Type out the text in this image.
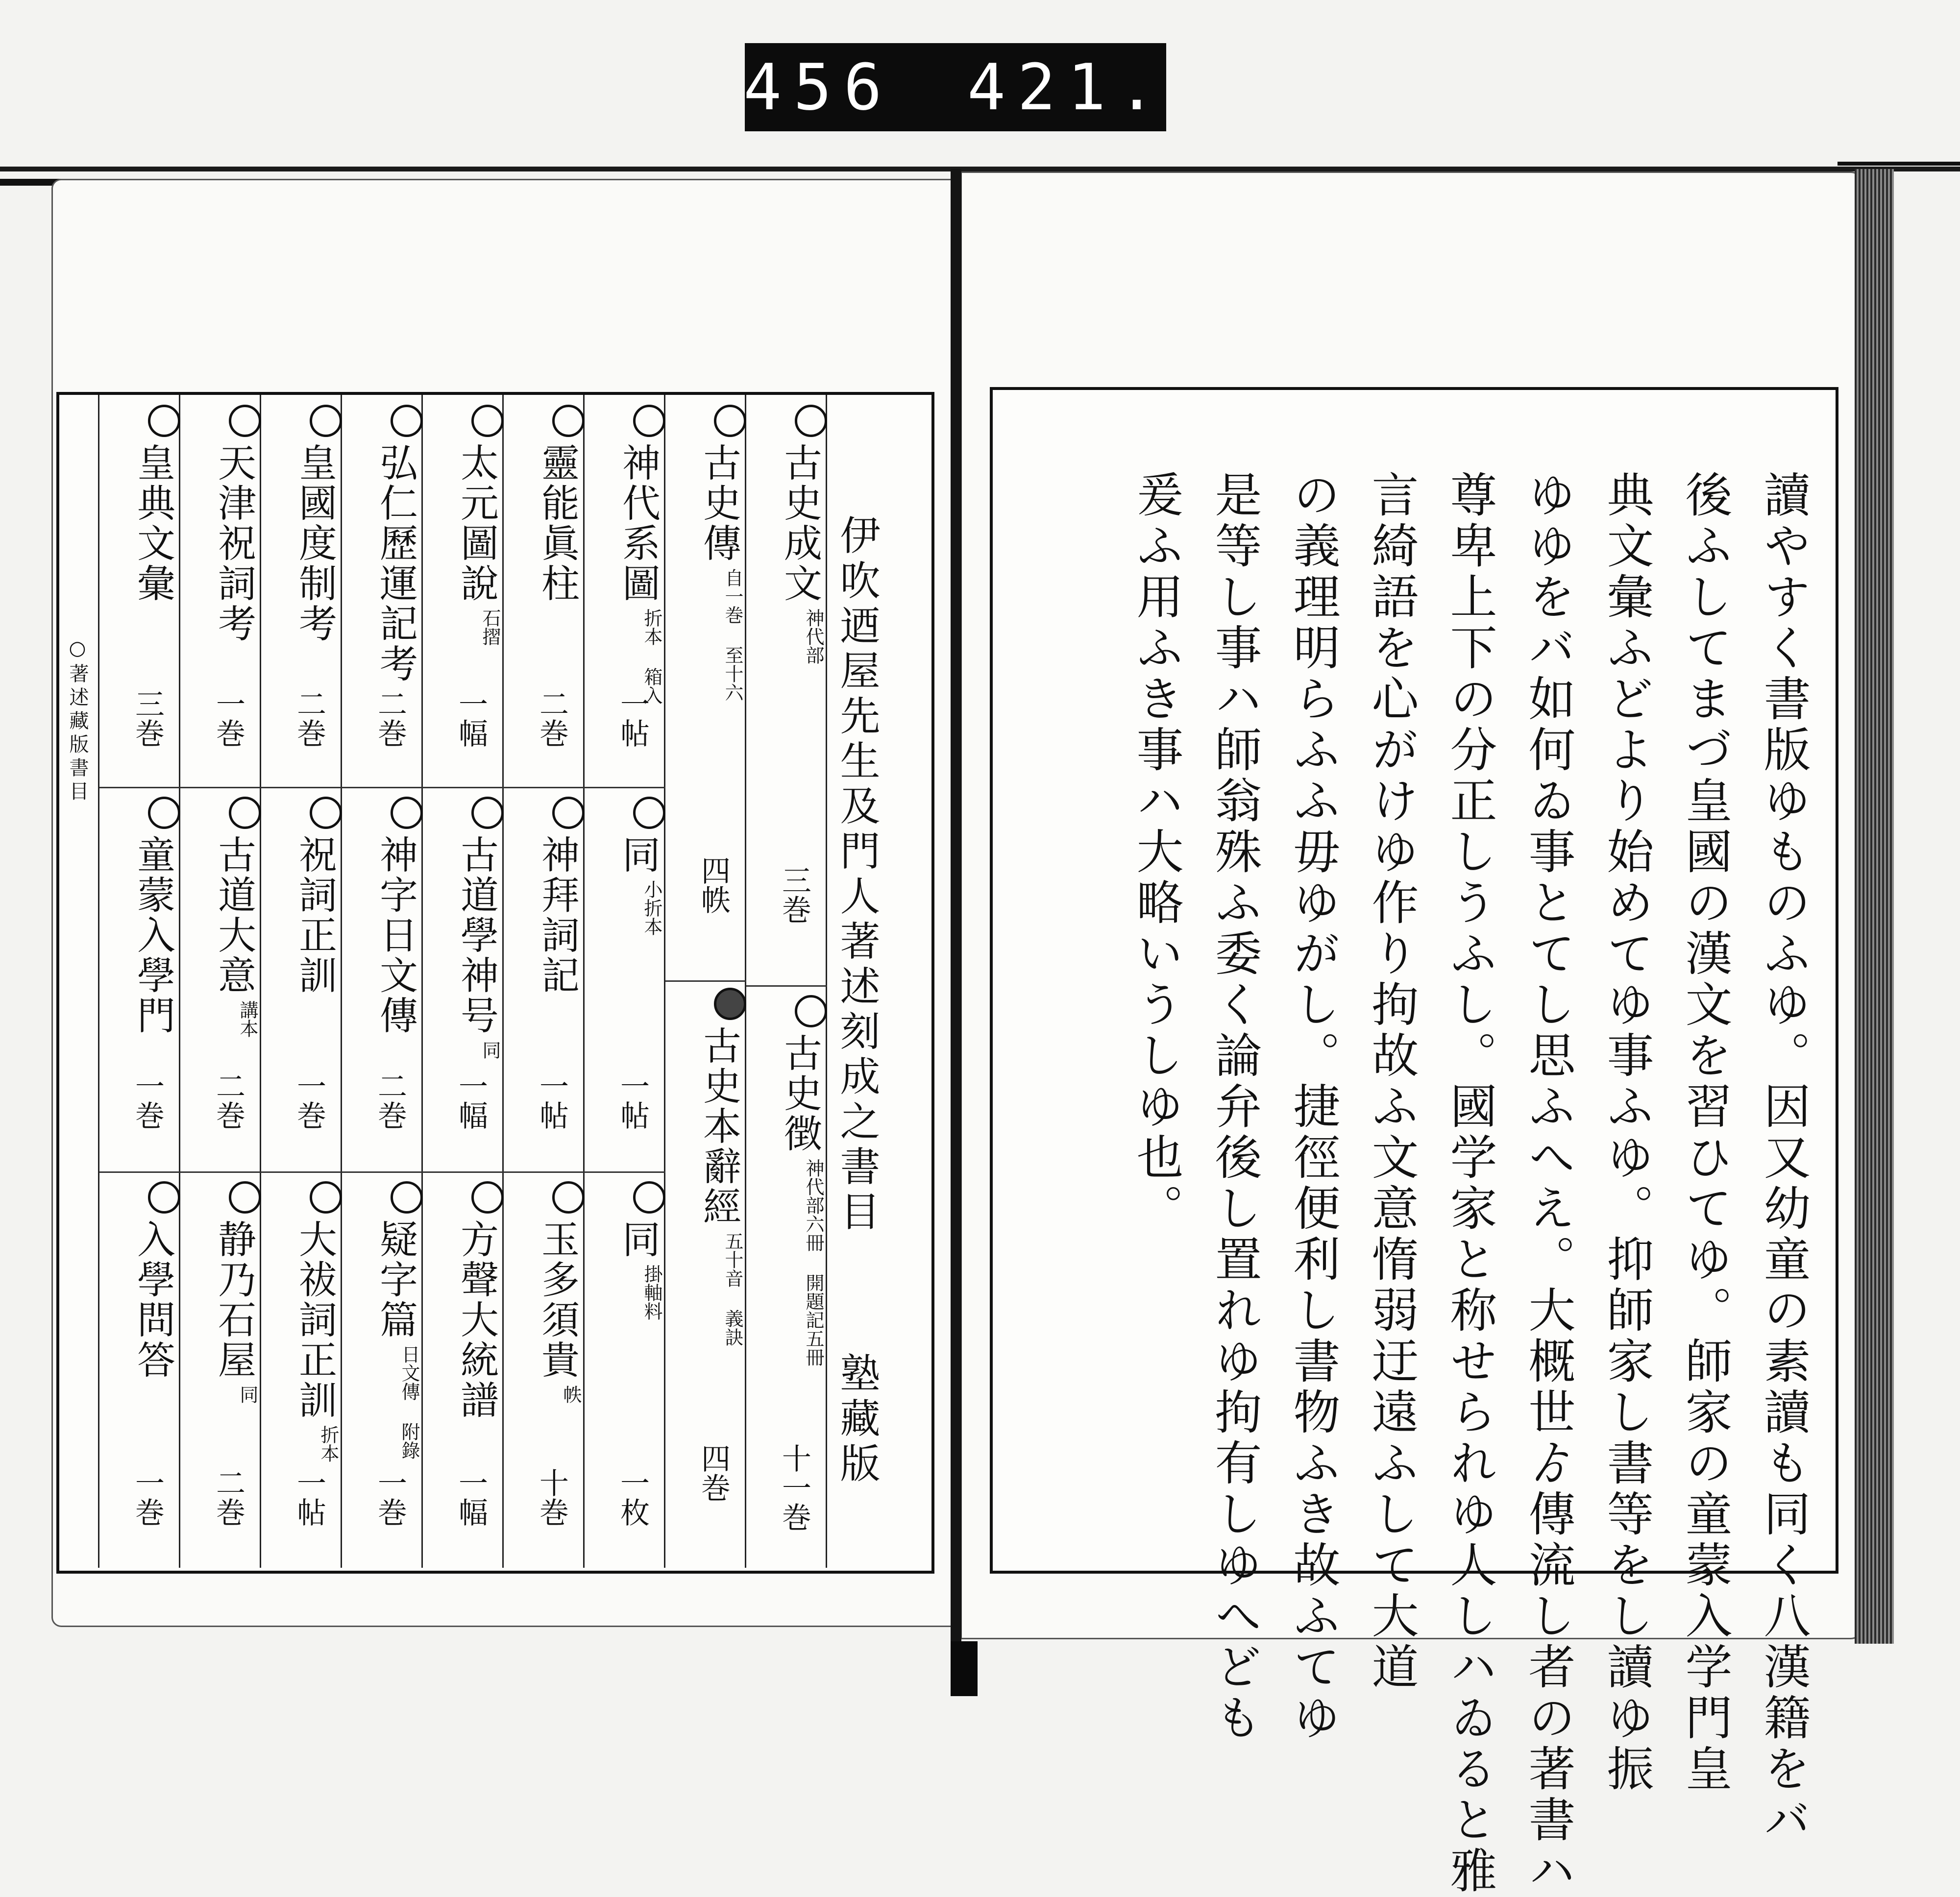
456 421.
○著述藏版書目	伊吹迺屋先生及門人著述刻成之書目
塾藏版
古史成文
神代部
三巻
古史徴
神代部六冊 開題記五冊
十一巻
古史傳
自一巻 至十六
四帙
古史本辭經
五十音 義訣
四巻
神代系圖
折本 箱入
一帖
同
小折本
一帖
同
掛軸料
一枚
靈能眞柱
二巻
神拜詞記
一帖
玉多須貴
帙
十巻
太元圖說
石摺
一幅
古道學神号
同
一幅
方聲大統譜
一幅
弘仁歷運記考
二巻
神字日文傳
二巻
疑字篇
日文傳 附錄
一巻
皇國度制考
二巻
祝詞正訓
一巻
大祓詞正訓
折本
一帖
天津祝詞考
一巻
古道大意
講本
二巻
静乃石屋
同
二巻
皇典文彙
三巻
童蒙入學門
一巻
入學問答
一巻	讀やすく書版ゆものふゆ。因又幼童の素讀も同く八漢籍をバ
後ふしてまづ皇國の漢文を習ひてゆ。師家の童蒙入学門皇
典文彙ふどより始めてゆ事ふゆ。抑師家し書等をし讀ゆ振
ゆゆをバ如何ゐ事とてし思ふへえ。大概世ゟ傳流し者の著書ハ
尊卑上下の分正しうふし。國学家と称せられゆ人しハゐると雅
言綺語を心がけゆ作り拘故ふ文意惰弱迂遠ふして大道
の義理明らふふ毋ゆがし。捷徑便利し書物ふき故ふてゆ
是等し事ハ師翁殊ふ委く論弁後し置れゆ拘有しゆへども
爰ふ用ふき事ハ大略いうしゆ也。
